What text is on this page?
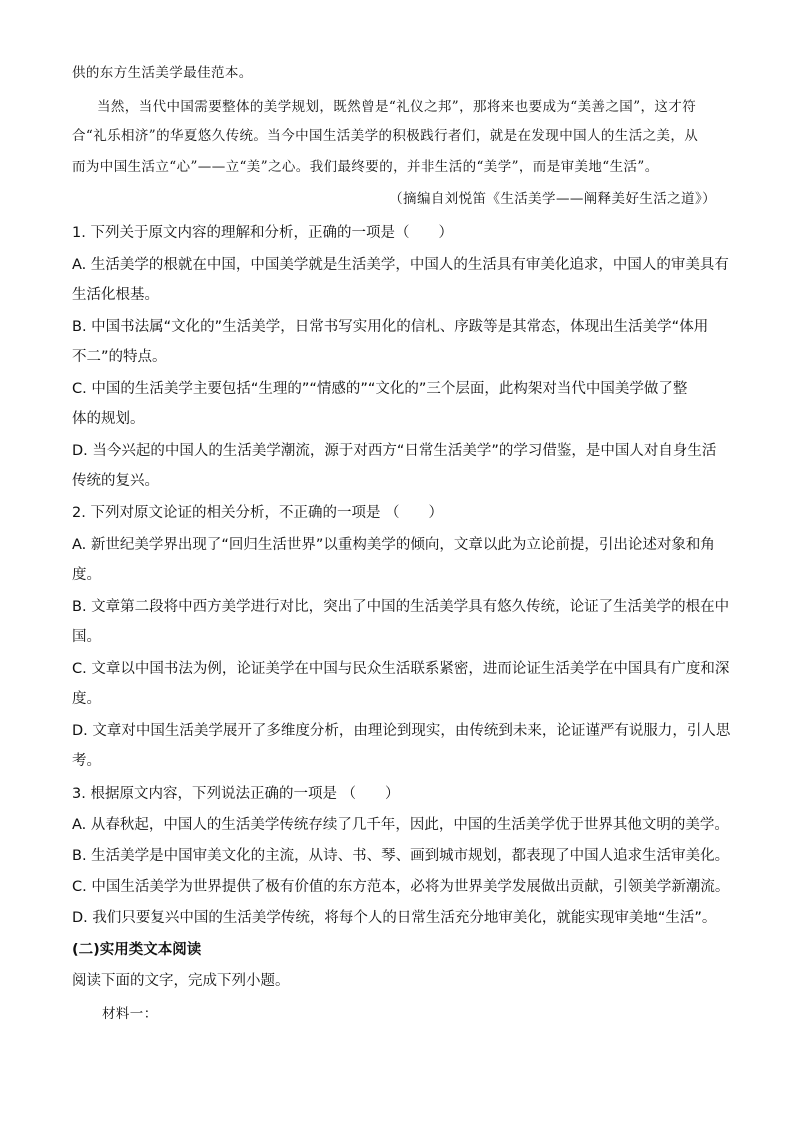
供的东方生活美学最佳范本。
当然，当代中国需要整体的美学规划，既然曾是“礼仪之邦”，那将来也要成为“美善之国”，这才符
合“礼乐相济”的华夏悠久传统。当今中国生活美学的积极践行者们，就是在发现中国人的生活之美，从
而为中国生活立“心”——立“美”之心。我们最终要的，并非生活的“美学”，而是审美地“生活”。
（摘编自刘悦笛《生活美学——阐释美好生活之道》）
1. 下列关于原文内容的理解和分析，正确的一项是（　　）
A. 生活美学的根就在中国，中国美学就是生活美学，中国人的生活具有审美化追求，中国人的审美具有
生活化根基。
B. 中国书法属“文化的”生活美学，日常书写实用化的信札、序跋等是其常态，体现出生活美学“体用
不二”的特点。
C. 中国的生活美学主要包括“生理的”“情感的”“文化的”三个层面，此构架对当代中国美学做了整
体的规划。
D. 当今兴起的中国人的生活美学潮流，源于对西方“日常生活美学”的学习借鉴，是中国人对自身生活
传统的复兴。
2. 下列对原文论证的相关分析，不正确的一项是 （　　）
A. 新世纪美学界出现了“回归生活世界”以重构美学的倾向，文章以此为立论前提，引出论述对象和角
度。
B. 文章第二段将中西方美学进行对比，突出了中国的生活美学具有悠久传统，论证了生活美学的根在中
国。
C. 文章以中国书法为例，论证美学在中国与民众生活联系紧密，进而论证生活美学在中国具有广度和深
度。
D. 文章对中国生活美学展开了多维度分析，由理论到现实，由传统到未来，论证谨严有说服力，引人思
考。
3. 根据原文内容，下列说法正确的一项是 （　　）
A. 从春秋起，中国人的生活美学传统存续了几千年，因此，中国的生活美学优于世界其他文明的美学。
B. 生活美学是中国审美文化的主流，从诗、书、琴、画到城市规划，都表现了中国人追求生活审美化。
C. 中国生活美学为世界提供了极有价值的东方范本，必将为世界美学发展做出贡献，引领美学新潮流。
D. 我们只要复兴中国的生活美学传统，将每个人的日常生活充分地审美化，就能实现审美地“生活”。
(二)实用类文本阅读
阅读下面的文字，完成下列小题。
材料一：
